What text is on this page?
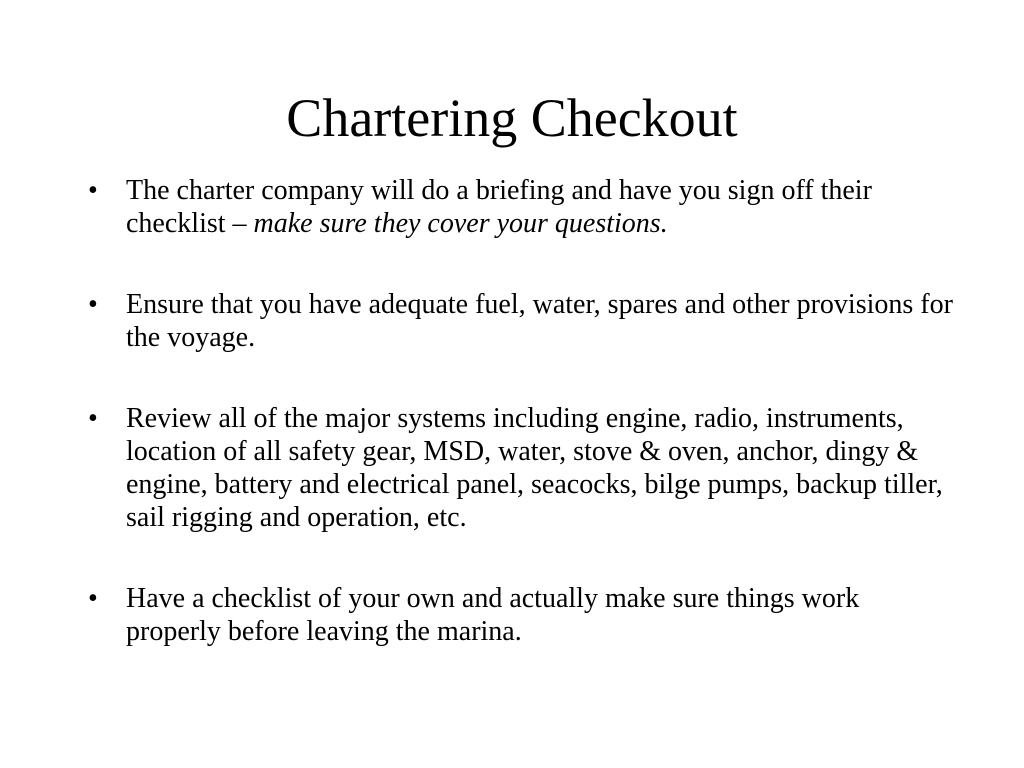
Chartering Checkout
• The charter company will do a briefing and have you sign off their checklist – make sure they cover your questions.
• Ensure that you have adequate fuel, water, spares and other provisions for the voyage.
• Review all of the major systems including engine, radio, instruments, location of all safety gear, MSD, water, stove & oven, anchor, dingy & engine, battery and electrical panel, seacocks, bilge pumps, backup tiller, sail rigging and operation, etc.
• Have a checklist of your own and actually make sure things work properly before leaving the marina.
